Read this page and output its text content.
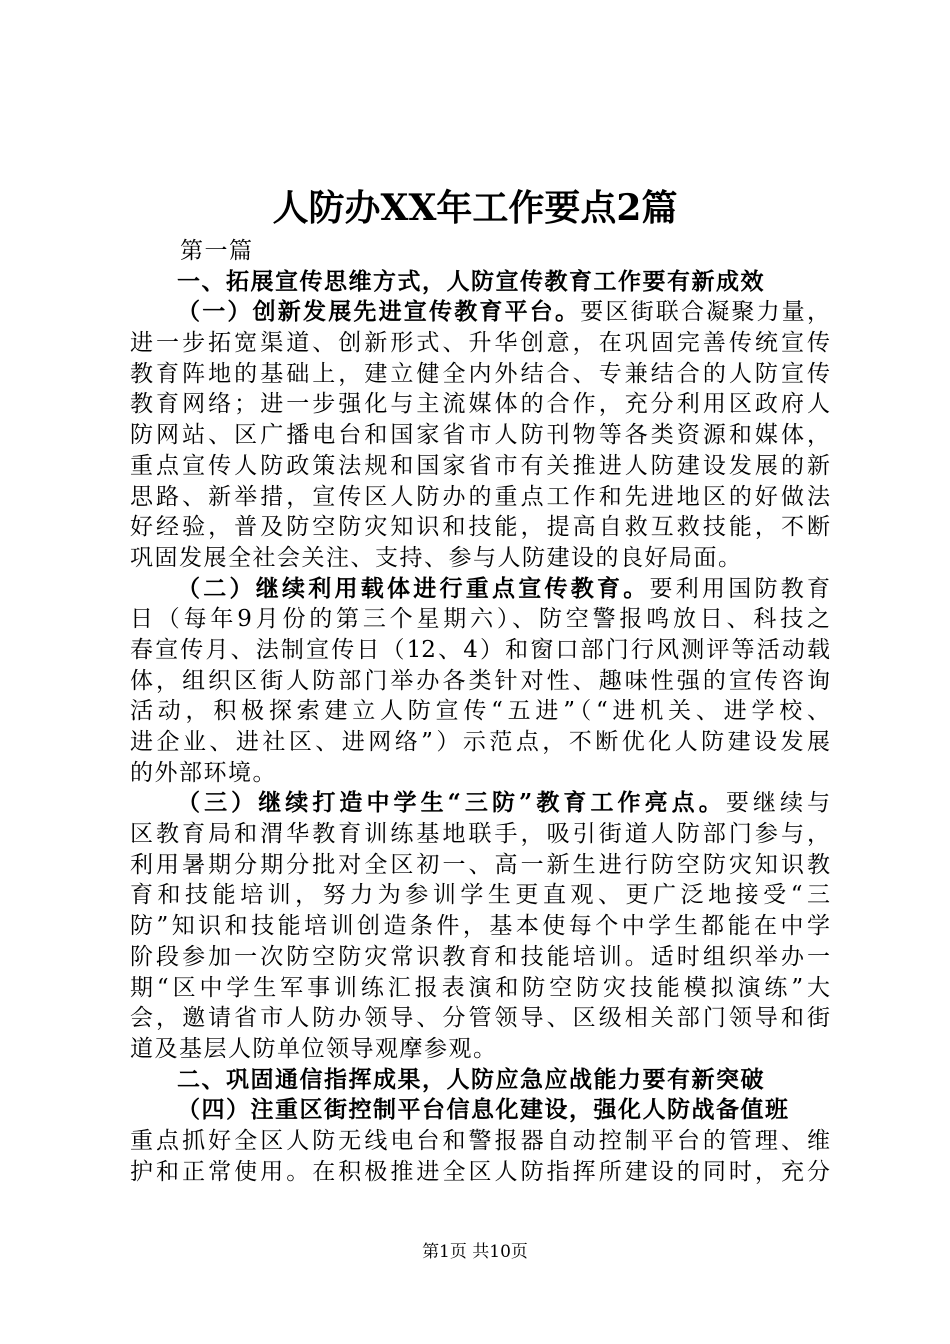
人防办XX年工作要点2篇
第一篇
一、拓展宣传思维方式，人防宣传教育工作要有新成效
（一）创新发展先进宣传教育平台。要区街联合凝聚力量，
进一步拓宽渠道、创新形式、升华创意，在巩固完善传统宣传
教育阵地的基础上，建立健全内外结合、专兼结合的人防宣传
教育网络；进一步强化与主流媒体的合作，充分利用区政府人
防网站、区广播电台和国家省市人防刊物等各类资源和媒体，
重点宣传人防政策法规和国家省市有关推进人防建设发展的新
思路、新举措，宣传区人防办的重点工作和先进地区的好做法
好经验，普及防空防灾知识和技能，提高自救互救技能，不断
巩固发展全社会关注、支持、参与人防建设的良好局面。
（二）继续利用载体进行重点宣传教育。要利用国防教育
日（每年9月份的第三个星期六）、防空警报鸣放日、科技之
春宣传月、法制宣传日（12、4）和窗口部门行风测评等活动载
体，组织区街人防部门举办各类针对性、趣味性强的宣传咨询
活动，积极探索建立人防宣传“五进”（“进机关、进学校、
进企业、进社区、进网络”）示范点，不断优化人防建设发展
的外部环境。
（三）继续打造中学生“三防”教育工作亮点。要继续与
区教育局和渭华教育训练基地联手，吸引街道人防部门参与，
利用暑期分期分批对全区初一、高一新生进行防空防灾知识教
育和技能培训，努力为参训学生更直观、更广泛地接受“三
防”知识和技能培训创造条件，基本使每个中学生都能在中学
阶段参加一次防空防灾常识教育和技能培训。适时组织举办一
期“区中学生军事训练汇报表演和防空防灾技能模拟演练”大
会，邀请省市人防办领导、分管领导、区级相关部门领导和街
道及基层人防单位领导观摩参观。
二、巩固通信指挥成果，人防应急应战能力要有新突破
（四）注重区街控制平台信息化建设，强化人防战备值班
重点抓好全区人防无线电台和警报器自动控制平台的管理、维
护和正常使用。在积极推进全区人防指挥所建设的同时，充分
第1页 共10页
